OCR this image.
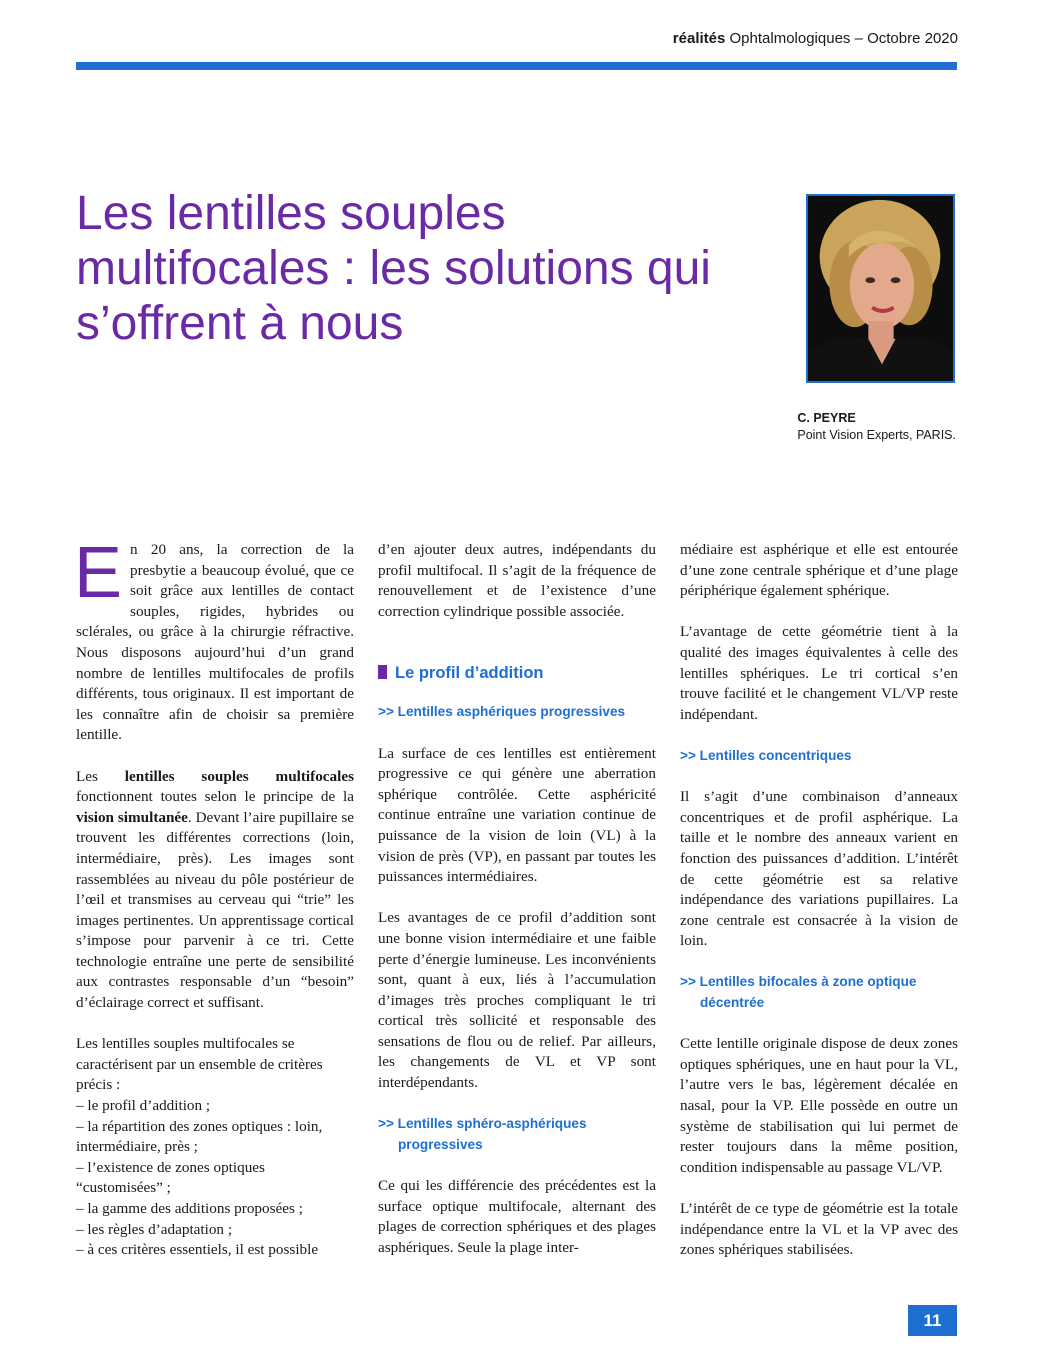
réalités Ophtalmologiques – Octobre 2020
Les lentilles souples multifocales : les solutions qui s’offrent à nous
C. PEYRE
Point Vision Experts, PARIS.

En 20 ans, la correction de la presbytie a beaucoup évolué, que ce soit grâce aux lentilles de contact souples, rigides, hybrides ou sclérales, ou grâce à la chirurgie réfractive. Nous disposons aujourd’hui d’un grand nombre de lentilles multifocales de profils différents, tous originaux. Il est important de les connaître afin de choisir sa première lentille.

Les lentilles souples multifocales fonctionnent toutes selon le principe de la vision simultanée. Devant l’aire pupillaire se trouvent les différentes corrections (loin, intermédiaire, près). Les images sont rassemblées au niveau du pôle postérieur de l’œil et transmises au cerveau qui “trie” les images pertinentes. Un apprentissage cortical s’impose pour parvenir à ce tri. Cette technologie entraîne une perte de sensibilité aux contrastes responsable d’un “besoin” d’éclairage correct et suffisant.

Les lentilles souples multifocales se caractérisent par un ensemble de critères précis :

– le profil d’addition ;
– la répartition des zones optiques : loin, intermédiaire, près ;
– l’existence de zones optiques “customisées” ;
– la gamme des additions proposées ;
– les règles d’adaptation ;
– à ces critères essentiels, il est possible

d’en ajouter deux autres, indépendants du profil multifocal. Il s’agit de la fréquence de renouvellement et de l’existence d’une correction cylindrique possible associée.

Le profil d’addition

>> Lentilles asphériques progressives

La surface de ces lentilles est entièrement progressive ce qui génère une aberration sphérique contrôlée. Cette asphéricité continue entraîne une variation continue de puissance de la vision de loin (VL) à la vision de près (VP), en passant par toutes les puissances intermédiaires.

Les avantages de ce profil d’addition sont une bonne vision intermédiaire et une faible perte d’énergie lumineuse. Les inconvénients sont, quant à eux, liés à l’accumulation d’images très proches compliquant le tri cortical très sollicité et responsable des sensations de flou ou de relief. Par ailleurs, les changements de VL et VP sont interdépendants.

>> Lentilles sphéro-asphériques
progressives

Ce qui les différencie des précédentes est la surface optique multifocale, alternant des plages de correction sphériques et des plages asphériques. Seule la plage inter-

médiaire est asphérique et elle est entourée d’une zone centrale sphérique et d’une plage périphérique également sphérique.

L’avantage de cette géométrie tient à la qualité des images équivalentes à celle des lentilles sphériques. Le tri cortical s’en trouve facilité et le changement VL/VP reste indépendant.

>> Lentilles concentriques

Il s’agit d’une combinaison d’anneaux concentriques et de profil asphérique. La taille et le nombre des anneaux varient en fonction des puissances d’addition. L’intérêt de cette géométrie est sa relative indépendance des variations pupillaires. La zone centrale est consacrée à la vision de loin.

>> Lentilles bifocales à zone optique
décentrée

Cette lentille originale dispose de deux zones optiques sphériques, une en haut pour la VL, l’autre vers le bas, légèrement décalée en nasal, pour la VP. Elle possède en outre un système de stabilisation qui lui permet de rester toujours dans la même position, condition indispensable au passage VL/VP.

L’intérêt de ce type de géométrie est la totale indépendance entre la VL et la VP avec des zones sphériques stabilisées.

11
